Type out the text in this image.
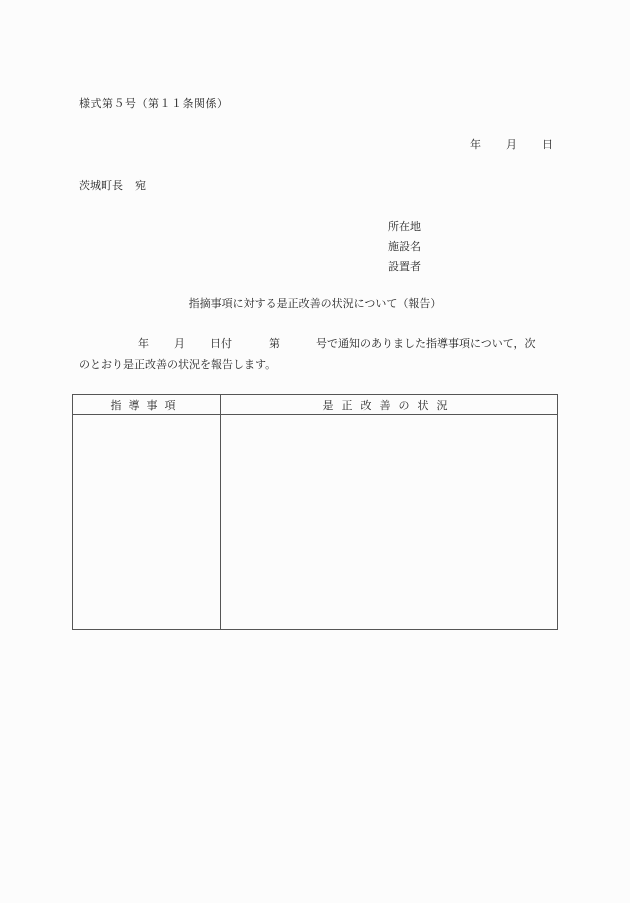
様式第５号（第１１条関係）
年 月 日
茨城町長 宛
所在地
施設名
設置者
指摘事項に対する是正改善の状況について（報告）
年 月 日付	第	号で通知のありました指導事項について，次
のとおり是正改善の状況を報告します。
指導事項	是正改善の状況
